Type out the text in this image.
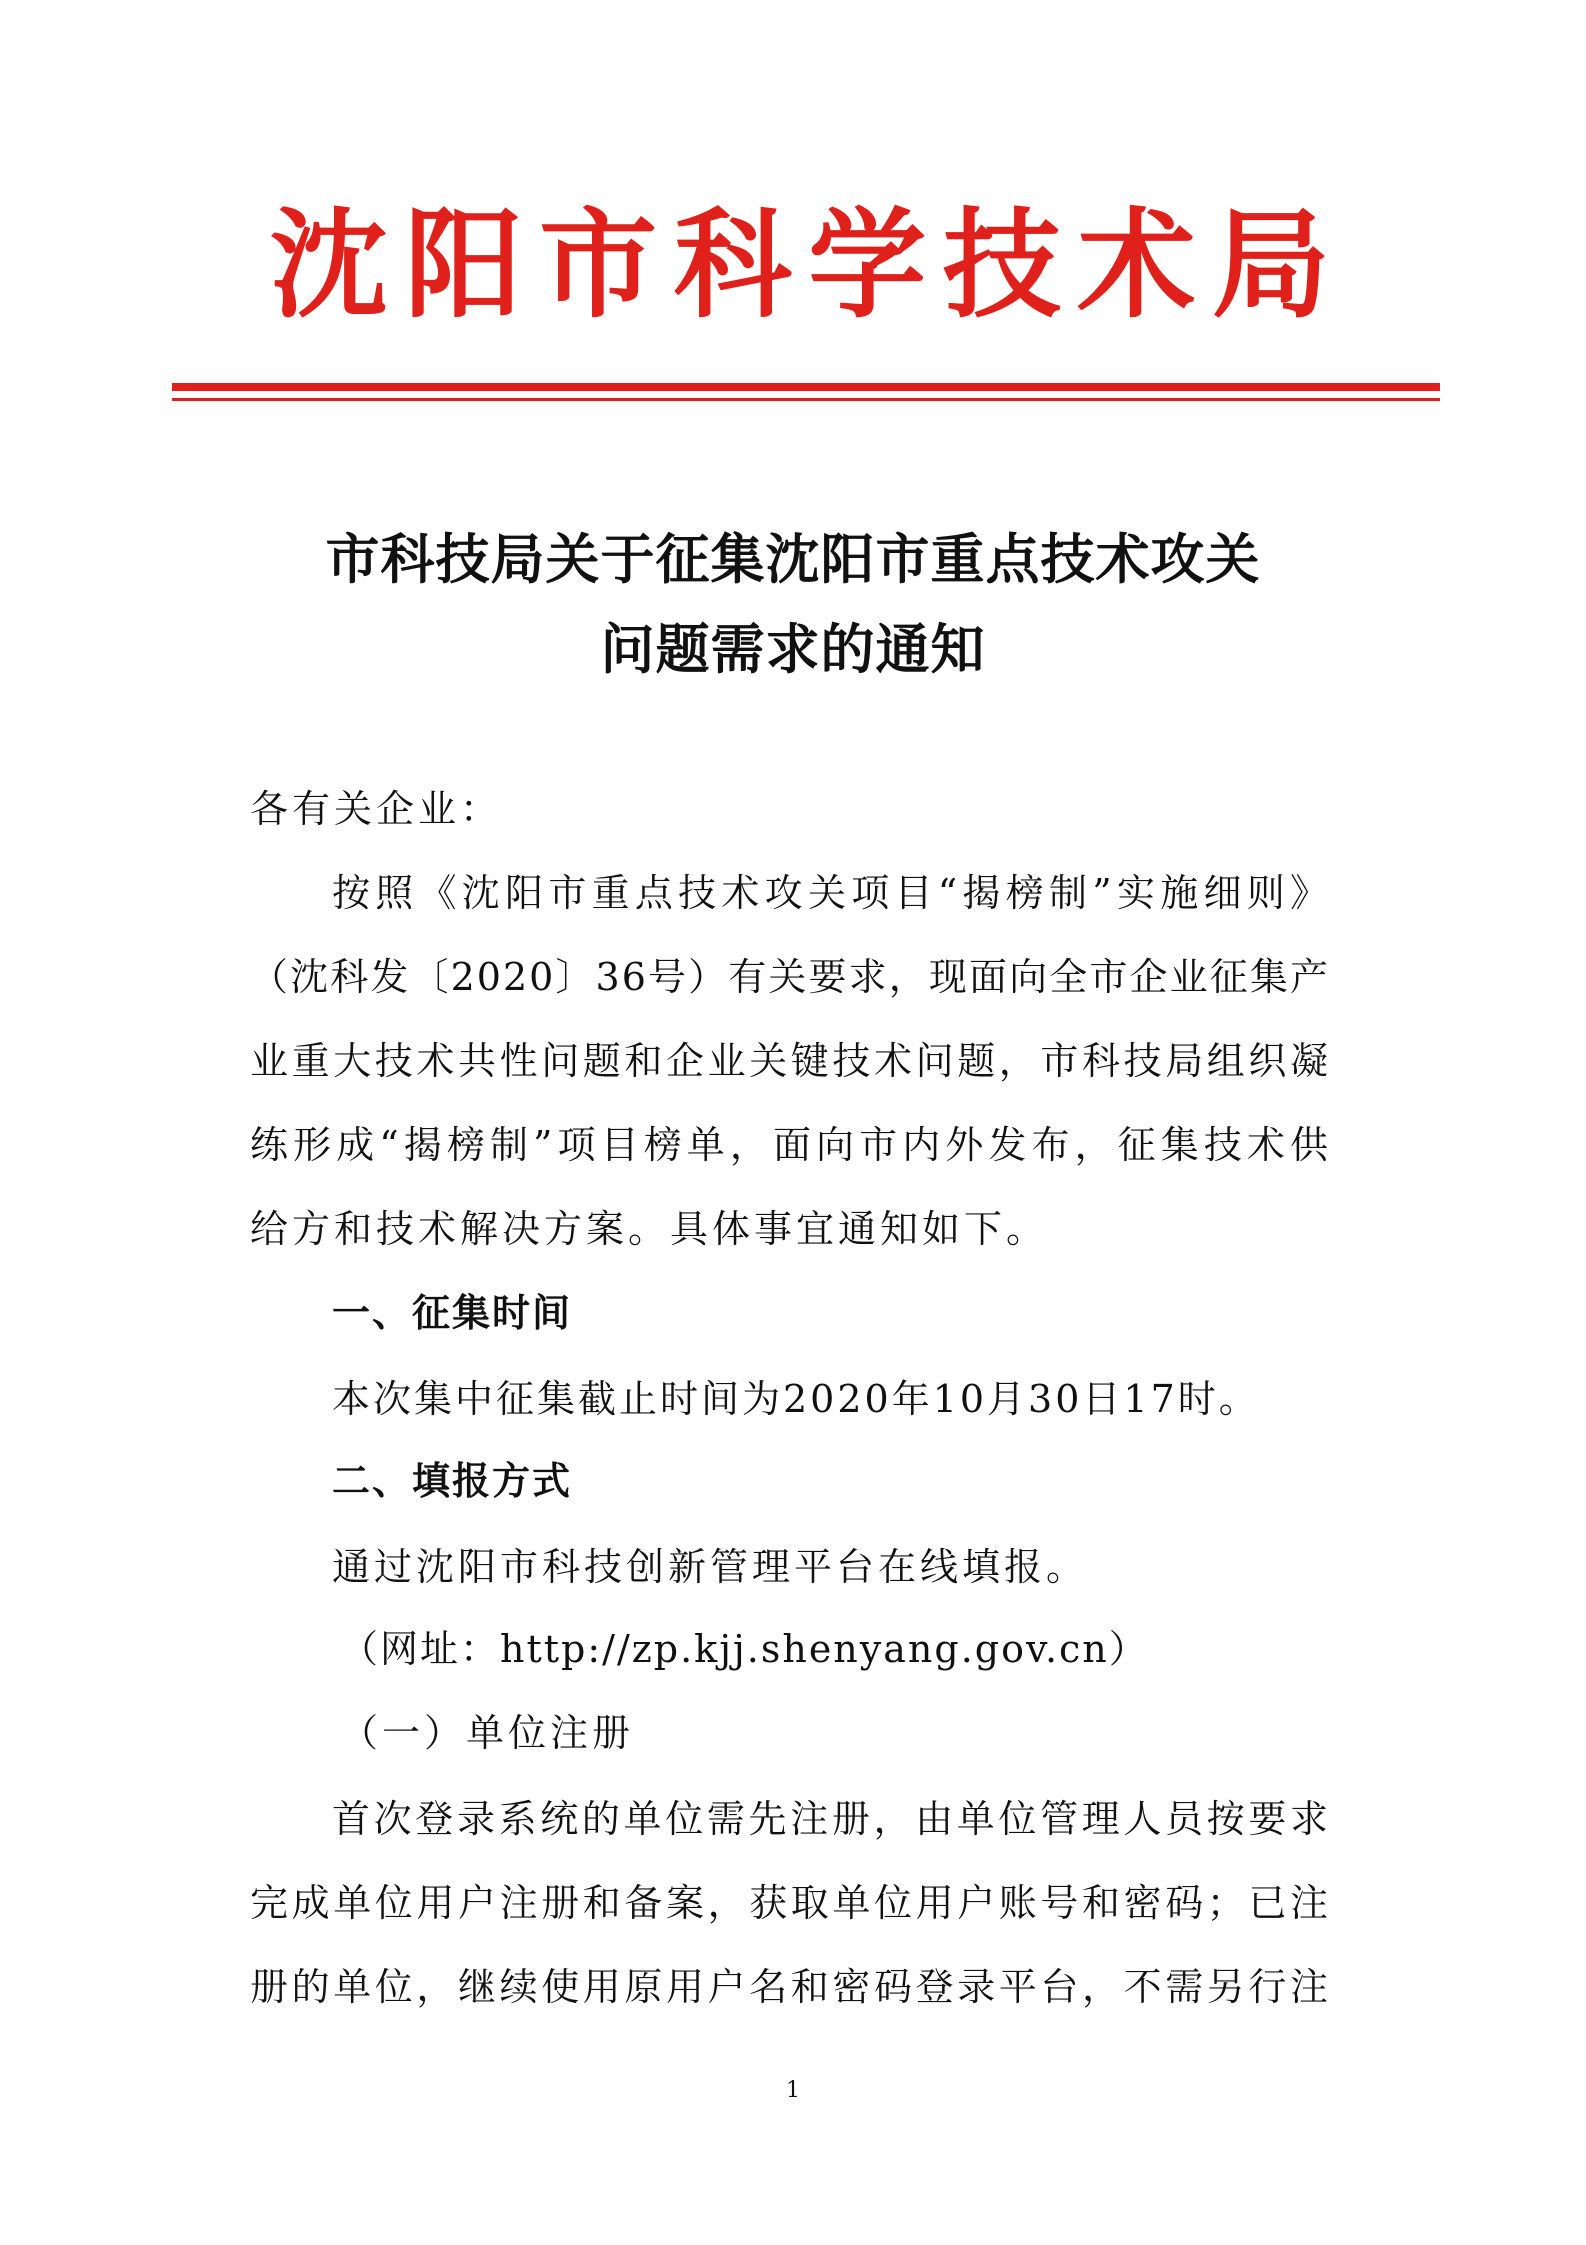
沈 阳 市 科 学 技 术 局
市科技局关于征集沈阳市重点技术攻关
问题需求的通知
各有关企业：
按照《沈阳市重点技术攻关项目“揭榜制”实施细则》
（沈科发〔2020〕36号）有关要求，现面向全市企业征集产
业重大技术共性问题和企业关键技术问题，市科技局组织凝
练形成“揭榜制”项目榜单，面向市内外发布，征集技术供
给方和技术解决方案。具体事宜通知如下。
一、征集时间
本次集中征集截止时间为2020年10月30日17时。
二、填报方式
通过沈阳市科技创新管理平台在线填报。
（网址：http://zp.kjj.shenyang.gov.cn）
（一）单位注册
首次登录系统的单位需先注册，由单位管理人员按要求
完成单位用户注册和备案，获取单位用户账号和密码；已注
册的单位，继续使用原用户名和密码登录平台，不需另行注
1
